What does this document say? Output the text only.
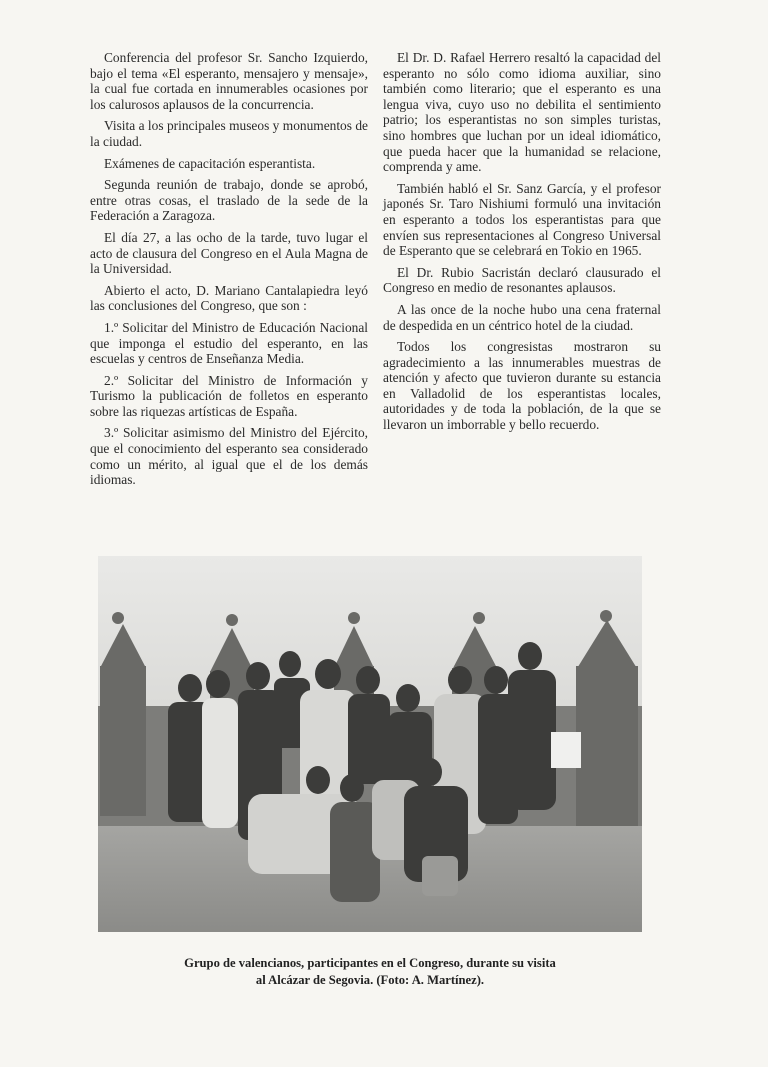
Conferencia del profesor Sr. Sancho Izquierdo, bajo el tema «El esperanto, mensajero y mensaje», la cual fue cortada en innumerables ocasiones por los calurosos aplausos de la concurrencia.

Visita a los principales museos y monumentos de la ciudad.

Exámenes de capacitación esperantista.

Segunda reunión de trabajo, donde se aprobó, entre otras cosas, el traslado de la sede de la Federación a Zaragoza.

El día 27, a las ocho de la tarde, tuvo lugar el acto de clausura del Congreso en el Aula Magna de la Universidad.

Abierto el acto, D. Mariano Cantalapiedra leyó las conclusiones del Congreso, que son :

1.º Solicitar del Ministro de Educación Nacional que imponga el estudio del esperanto, en las escuelas y centros de Enseñanza Media.

2.º Solicitar del Ministro de Información y Turismo la publicación de folletos en esperanto sobre las riquezas artísticas de España.

3.º Solicitar asimismo del Ministro del Ejército, que el conocimiento del esperanto sea considerado como un mérito, al igual que el de los demás idiomas.

El Dr. D. Rafael Herrero resaltó la capacidad del esperanto no sólo como idioma auxiliar, sino también como literario; que el esperanto es una lengua viva, cuyo uso no debilita el sentimiento patrio; los esperantistas no son simples turistas, sino hombres que luchan por un ideal idiomático, que pueda hacer que la humanidad se relacione, comprenda y ame.

También habló el Sr. Sanz García, y el profesor japonés Sr. Taro Nishiumi formuló una invitación en esperanto a todos los esperantistas para que envíen sus representaciones al Congreso Universal de Esperanto que se celebrará en Tokio en 1965.

El Dr. Rubio Sacristán declaró clausurado el Congreso en medio de resonantes aplausos.

A las once de la noche hubo una cena fraternal de despedida en un céntrico hotel de la ciudad.

Todos los congresistas mostraron su agradecimiento a las innumerables muestras de atención y afecto que tuvieron durante su estancia en Valladolid de los esperantistas locales, autoridades y de toda la población, de la que se llevaron un imborrable y bello recuerdo.

Grupo de valencianos, participantes en el Congreso, durante su visita
al Alcázar de Segovia. (Foto: A. Martínez).
